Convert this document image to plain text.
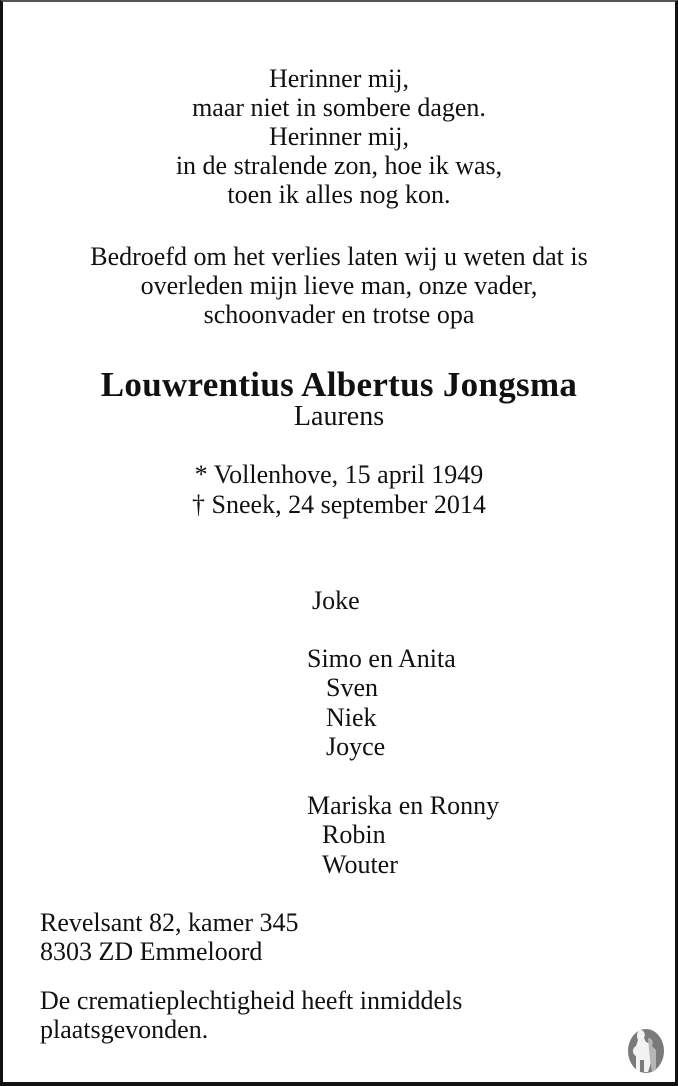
Herinner mij,
maar niet in sombere dagen.
Herinner mij,
in de stralende zon, hoe ik was,
toen ik alles nog kon.
Bedroefd om het verlies laten wij u weten dat is
overleden mijn lieve man, onze vader,
schoonvader en trotse opa
Louwrentius Albertus Jongsma
Laurens
* Vollenhove, 15 april 1949
† Sneek, 24 september 2014
Joke
Simo en Anita
Sven
Niek
Joyce
Mariska en Ronny
Robin
Wouter
Revelsant 82, kamer 345
8303 ZD Emmeloord
De crematieplechtigheid heeft inmiddels
plaatsgevonden.
